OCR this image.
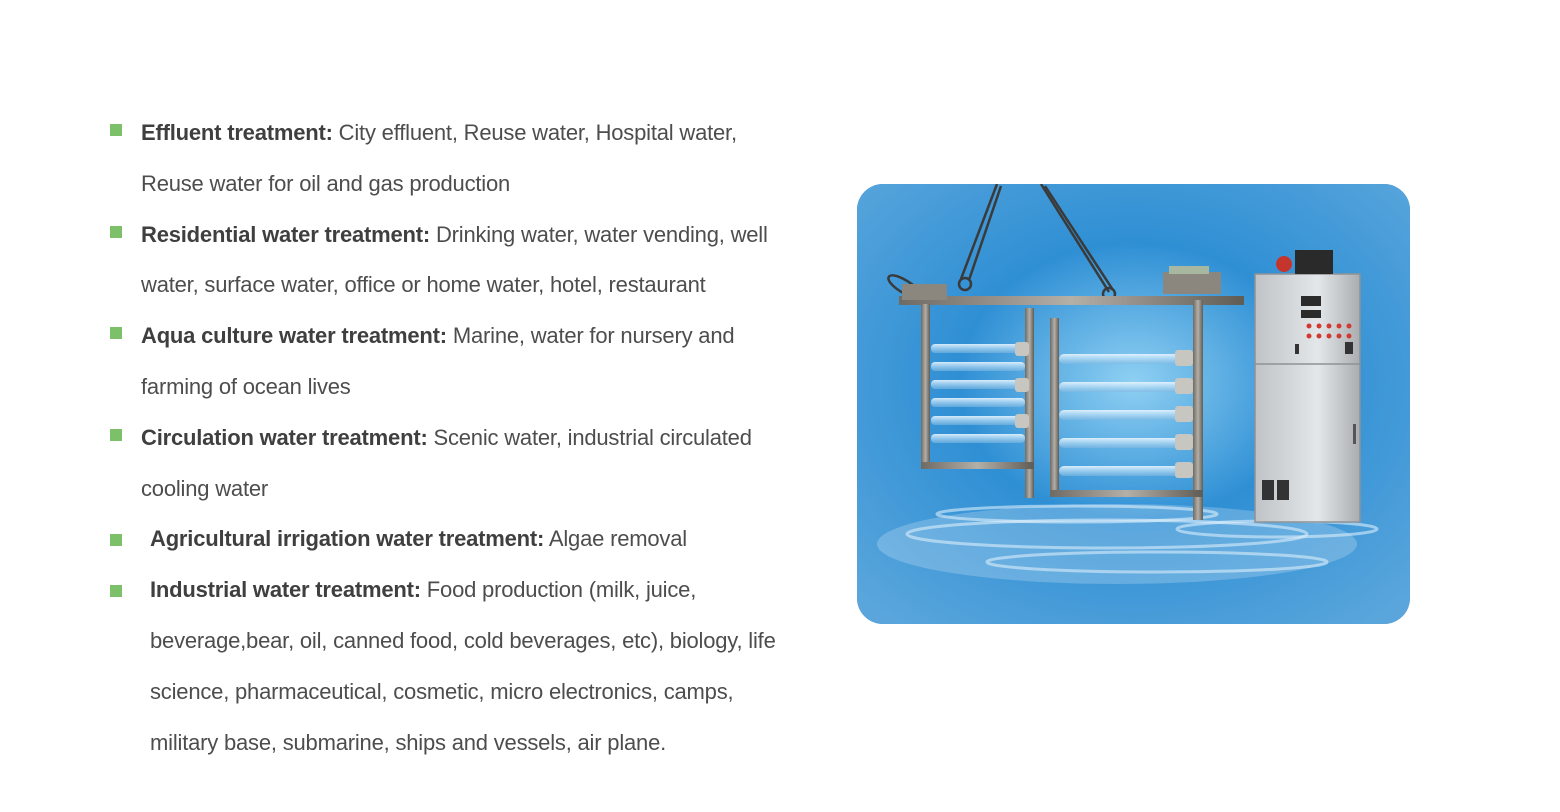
Effluent treatment: City effluent, Reuse water, Hospital water, Reuse water for oil and gas production
Residential water treatment: Drinking water, water vending, well water, surface water, office or home water, hotel, restaurant
Aqua culture water treatment: Marine, water for nursery and farming of ocean lives
Circulation water treatment: Scenic water, industrial circulated cooling water
Agricultural irrigation water treatment: Algae removal
Industrial water treatment: Food production (milk, juice, beverage,bear, oil, canned food, cold beverages, etc), biology, life science, pharmaceutical, cosmetic, micro electronics, camps, military base, submarine, ships and vessels, air plane.
